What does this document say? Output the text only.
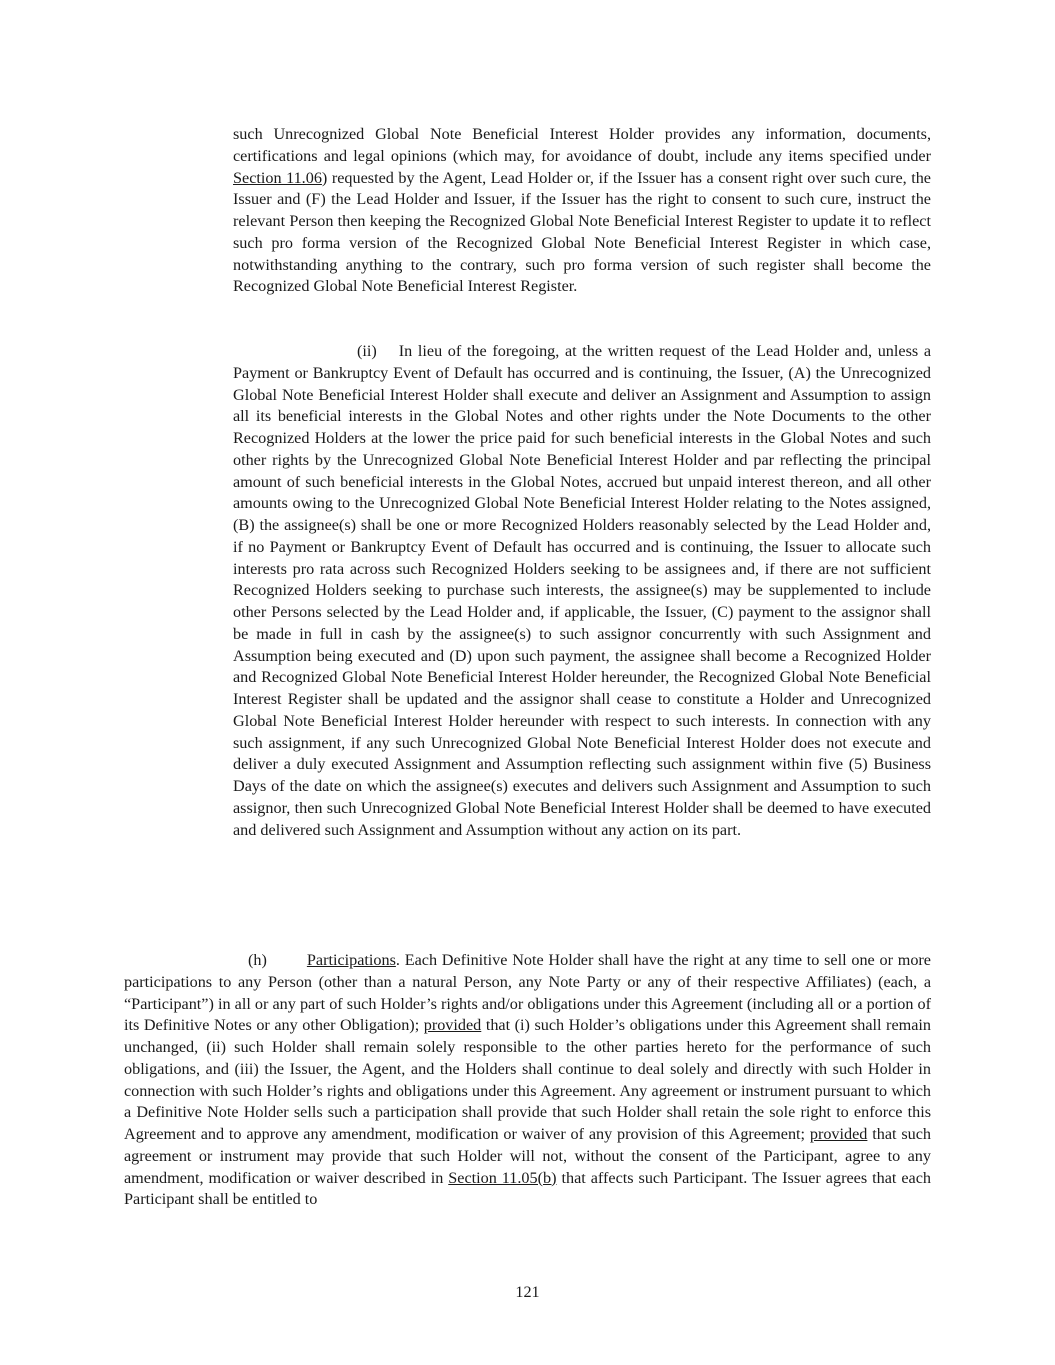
such Unrecognized Global Note Beneficial Interest Holder provides any information, documents, certifications and legal opinions (which may, for avoidance of doubt, include any items specified under Section 11.06) requested by the Agent, Lead Holder or, if the Issuer has a consent right over such cure, the Issuer and (F) the Lead Holder and Issuer, if the Issuer has the right to consent to such cure, instruct the relevant Person then keeping the Recognized Global Note Beneficial Interest Register to update it to reflect such pro forma version of the Recognized Global Note Beneficial Interest Register in which case, notwithstanding anything to the contrary, such pro forma version of such register shall become the Recognized Global Note Beneficial Interest Register.

(ii) In lieu of the foregoing, at the written request of the Lead Holder and, unless a Payment or Bankruptcy Event of Default has occurred and is continuing, the Issuer, (A) the Unrecognized Global Note Beneficial Interest Holder shall execute and deliver an Assignment and Assumption to assign all its beneficial interests in the Global Notes and other rights under the Note Documents to the other Recognized Holders at the lower the price paid for such beneficial interests in the Global Notes and such other rights by the Unrecognized Global Note Beneficial Interest Holder and par reflecting the principal amount of such beneficial interests in the Global Notes, accrued but unpaid interest thereon, and all other amounts owing to the Unrecognized Global Note Beneficial Interest Holder relating to the Notes assigned, (B) the assignee(s) shall be one or more Recognized Holders reasonably selected by the Lead Holder and, if no Payment or Bankruptcy Event of Default has occurred and is continuing, the Issuer to allocate such interests pro rata across such Recognized Holders seeking to be assignees and, if there are not sufficient Recognized Holders seeking to purchase such interests, the assignee(s) may be supplemented to include other Persons selected by the Lead Holder and, if applicable, the Issuer, (C) payment to the assignor shall be made in full in cash by the assignee(s) to such assignor concurrently with such Assignment and Assumption being executed and (D) upon such payment, the assignee shall become a Recognized Holder and Recognized Global Note Beneficial Interest Holder hereunder, the Recognized Global Note Beneficial Interest Register shall be updated and the assignor shall cease to constitute a Holder and Unrecognized Global Note Beneficial Interest Holder hereunder with respect to such interests. In connection with any such assignment, if any such Unrecognized Global Note Beneficial Interest Holder does not execute and deliver a duly executed Assignment and Assumption reflecting such assignment within five (5) Business Days of the date on which the assignee(s) executes and delivers such Assignment and Assumption to such assignor, then such Unrecognized Global Note Beneficial Interest Holder shall be deemed to have executed and delivered such Assignment and Assumption without any action on its part.

(h) Participations. Each Definitive Note Holder shall have the right at any time to sell one or more participations to any Person (other than a natural Person, any Note Party or any of their respective Affiliates) (each, a “Participant”) in all or any part of such Holder’s rights and/or obligations under this Agreement (including all or a portion of its Definitive Notes or any other Obligation); provided that (i) such Holder’s obligations under this Agreement shall remain unchanged, (ii) such Holder shall remain solely responsible to the other parties hereto for the performance of such obligations, and (iii) the Issuer, the Agent, and the Holders shall continue to deal solely and directly with such Holder in connection with such Holder’s rights and obligations under this Agreement. Any agreement or instrument pursuant to which a Definitive Note Holder sells such a participation shall provide that such Holder shall retain the sole right to enforce this Agreement and to approve any amendment, modification or waiver of any provision of this Agreement; provided that such agreement or instrument may provide that such Holder will not, without the consent of the Participant, agree to any amendment, modification or waiver described in Section 11.05(b) that affects such Participant. The Issuer agrees that each Participant shall be entitled to

121
